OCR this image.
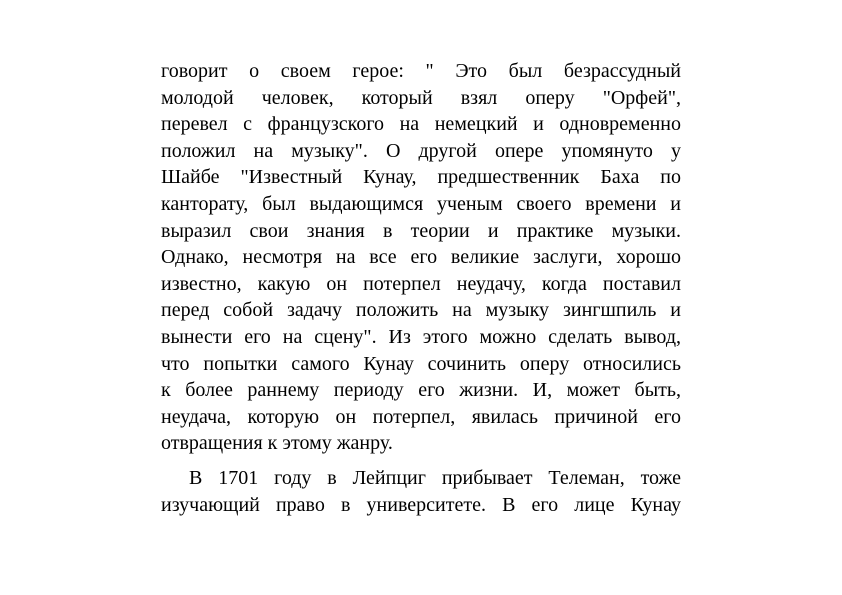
говорит о своем герое: " Это был безрассудный
молодой человек, который взял оперу "Орфей",
перевел с французского на немецкий и одновременно
положил на музыку". О другой опере упомянуто у
Шайбе "Известный Кунау, предшественник Баха по
канторату, был выдающимся ученым своего времени и
выразил свои знания в теории и практике музыки.
Однако, несмотря на все его великие заслуги, хорошо
известно, какую он потерпел неудачу, когда поставил
перед собой задачу положить на музыку зингшпиль и
вынести его на сцену". Из этого можно сделать вывод,
что попытки самого Кунау сочинить оперу относились
к более раннему периоду его жизни. И, может быть,
неудача, которую он потерпел, явилась причиной его
отвращения к этому жанру.
В 1701 году в Лейпциг прибывает Телеман, тоже
изучающий право в университете. В его лице Кунау
